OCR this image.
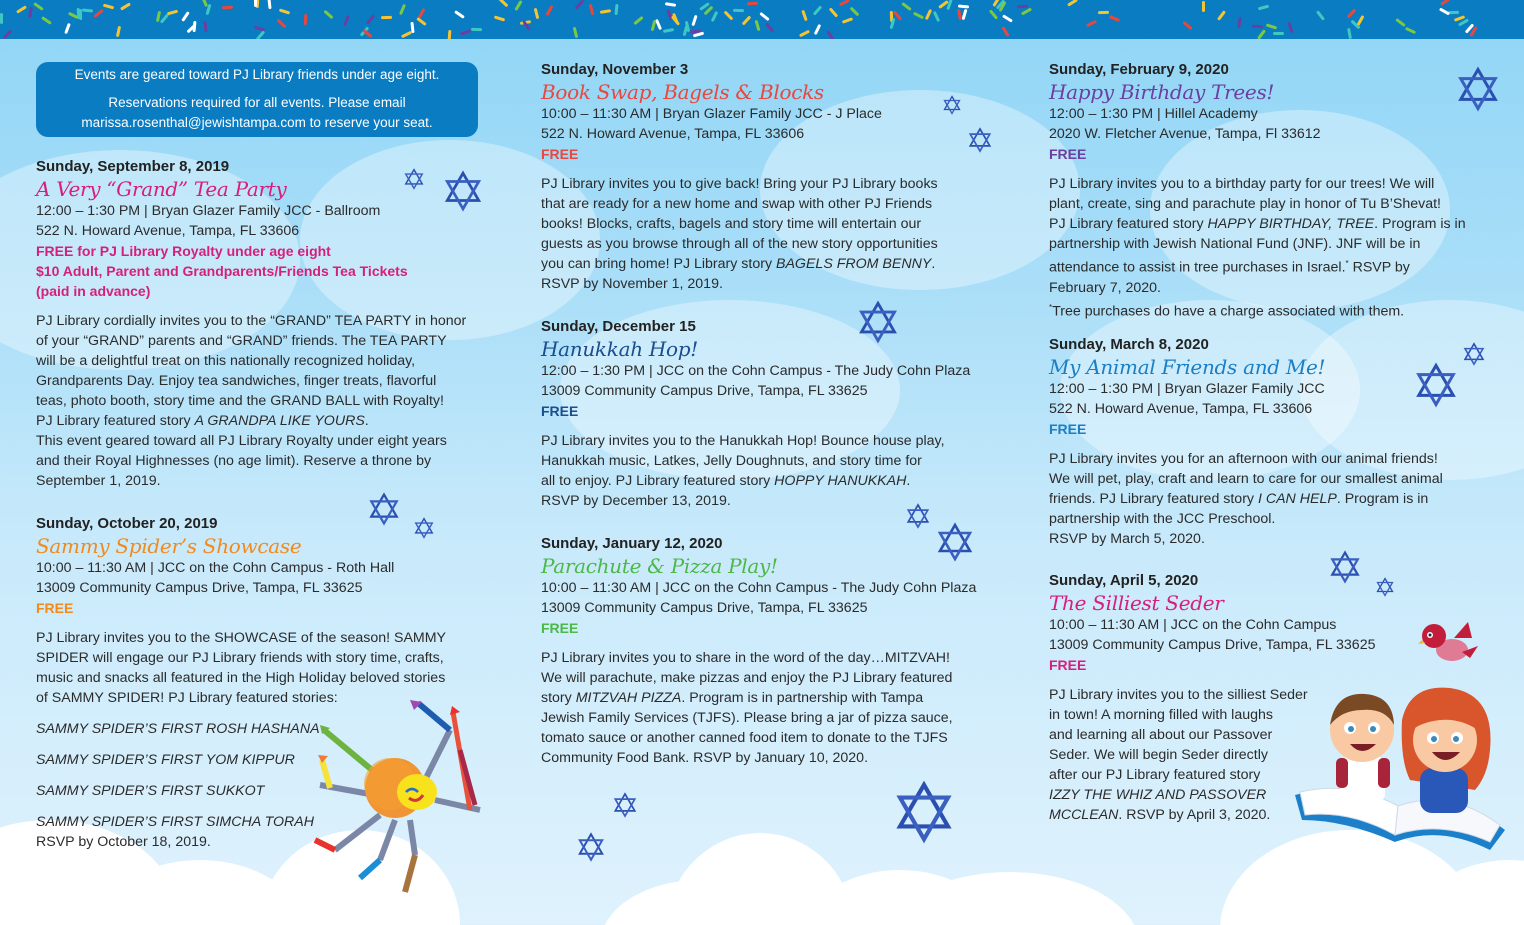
Events are geared toward PJ Library friends under age eight.

Reservations required for all events. Please email

marissa.rosenthal@jewishtampa.com to reserve your seat.

Sunday, September 8, 2019
A Very “Grand” Tea Party
12:00 – 1:30 PM | Bryan Glazer Family JCC - Ballroom
522 N. Howard Avenue, Tampa, FL 33606
FREE for PJ Library Royalty under age eight
$10 Adult, Parent and Grandparents/Friends Tea Tickets
(paid in advance)
PJ Library cordially invites you to the “GRAND” TEA PARTY in honor
of your “GRAND” parents and “GRAND” friends. The TEA PARTY
will be a delightful treat on this nationally recognized holiday,
Grandparents Day. Enjoy tea sandwiches, finger treats, flavorful
teas, photo booth, story time and the GRAND BALL with Royalty!
PJ Library featured story A GRANDPA LIKE YOURS.
This event geared toward all PJ Library Royalty under eight years
and their Royal Highnesses (no age limit). Reserve a throne by
September 1, 2019.
Sunday, October 20, 2019
Sammy Spider’s Showcase
10:00 – 11:30 AM | JCC on the Cohn Campus - Roth Hall
13009 Community Campus Drive, Tampa, FL 33625
FREE
PJ Library invites you to the SHOWCASE of the season! SAMMY
SPIDER will engage our PJ Library friends with story time, crafts,
music and snacks all featured in the High Holiday beloved stories
of SAMMY SPIDER! PJ Library featured stories:
SAMMY SPIDER’S FIRST ROSH HASHANA
SAMMY SPIDER’S FIRST YOM KIPPUR
SAMMY SPIDER’S FIRST SUKKOT
SAMMY SPIDER’S FIRST SIMCHA TORAH
RSVP by October 18, 2019.
Sunday, November 3
Book Swap, Bagels & Blocks
10:00 – 11:30 AM | Bryan Glazer Family JCC - J Place
522 N. Howard Avenue, Tampa, FL 33606
FREE
PJ Library invites you to give back! Bring your PJ Library books
that are ready for a new home and swap with other PJ Friends
books! Blocks, crafts, bagels and story time will entertain our
guests as you browse through all of the new story opportunities
you can bring home! PJ Library story BAGELS FROM BENNY.
RSVP by November 1, 2019.
Sunday, December 15
Hanukkah Hop!
12:00 – 1:30 PM | JCC on the Cohn Campus - The Judy Cohn Plaza
13009 Community Campus Drive, Tampa, FL 33625
FREE
PJ Library invites you to the Hanukkah Hop! Bounce house play,
Hanukkah music, Latkes, Jelly Doughnuts, and story time for
all to enjoy. PJ Library featured story HOPPY HANUKKAH.
RSVP by December 13, 2019.
Sunday, January 12, 2020
Parachute & Pizza Play!
10:00 – 11:30 AM | JCC on the Cohn Campus - The Judy Cohn Plaza
13009 Community Campus Drive, Tampa, FL 33625
FREE
PJ Library invites you to share in the word of the day…MITZVAH!
We will parachute, make pizzas and enjoy the PJ Library featured
story MITZVAH PIZZA. Program is in partnership with Tampa
Jewish Family Services (TJFS). Please bring a jar of pizza sauce,
tomato sauce or another canned food item to donate to the TJFS
Community Food Bank. RSVP by January 10, 2020.
Sunday, February 9, 2020
Happy Birthday Trees!
12:00 – 1:30 PM | Hillel Academy
2020 W. Fletcher Avenue, Tampa, Fl 33612
FREE
PJ Library invites you to a birthday party for our trees! We will
plant, create, sing and parachute play in honor of Tu B’Shevat!
PJ Library featured story HAPPY BIRTHDAY, TREE. Program is in
partnership with Jewish National Fund (JNF). JNF will be in
attendance to assist in tree purchases in Israel.* RSVP by
February 7, 2020.
*Tree purchases do have a charge associated with them.
Sunday, March 8, 2020
My Animal Friends and Me!
12:00 – 1:30 PM | Bryan Glazer Family JCC
522 N. Howard Avenue, Tampa, FL 33606
FREE
PJ Library invites you for an afternoon with our animal friends!
We will pet, play, craft and learn to care for our smallest animal
friends. PJ Library featured story I CAN HELP. Program is in
partnership with the JCC Preschool.
RSVP by March 5, 2020.
Sunday, April 5, 2020
The Silliest Seder
10:00 – 11:30 AM | JCC on the Cohn Campus
13009 Community Campus Drive, Tampa, FL 33625
FREE
PJ Library invites you to the silliest Seder
in town! A morning filled with laughs
and learning all about our Passover
Seder. We will begin Seder directly
after our PJ Library featured story
IZZY THE WHIZ AND PASSOVER
MCCLEAN. RSVP by April 3, 2020.
